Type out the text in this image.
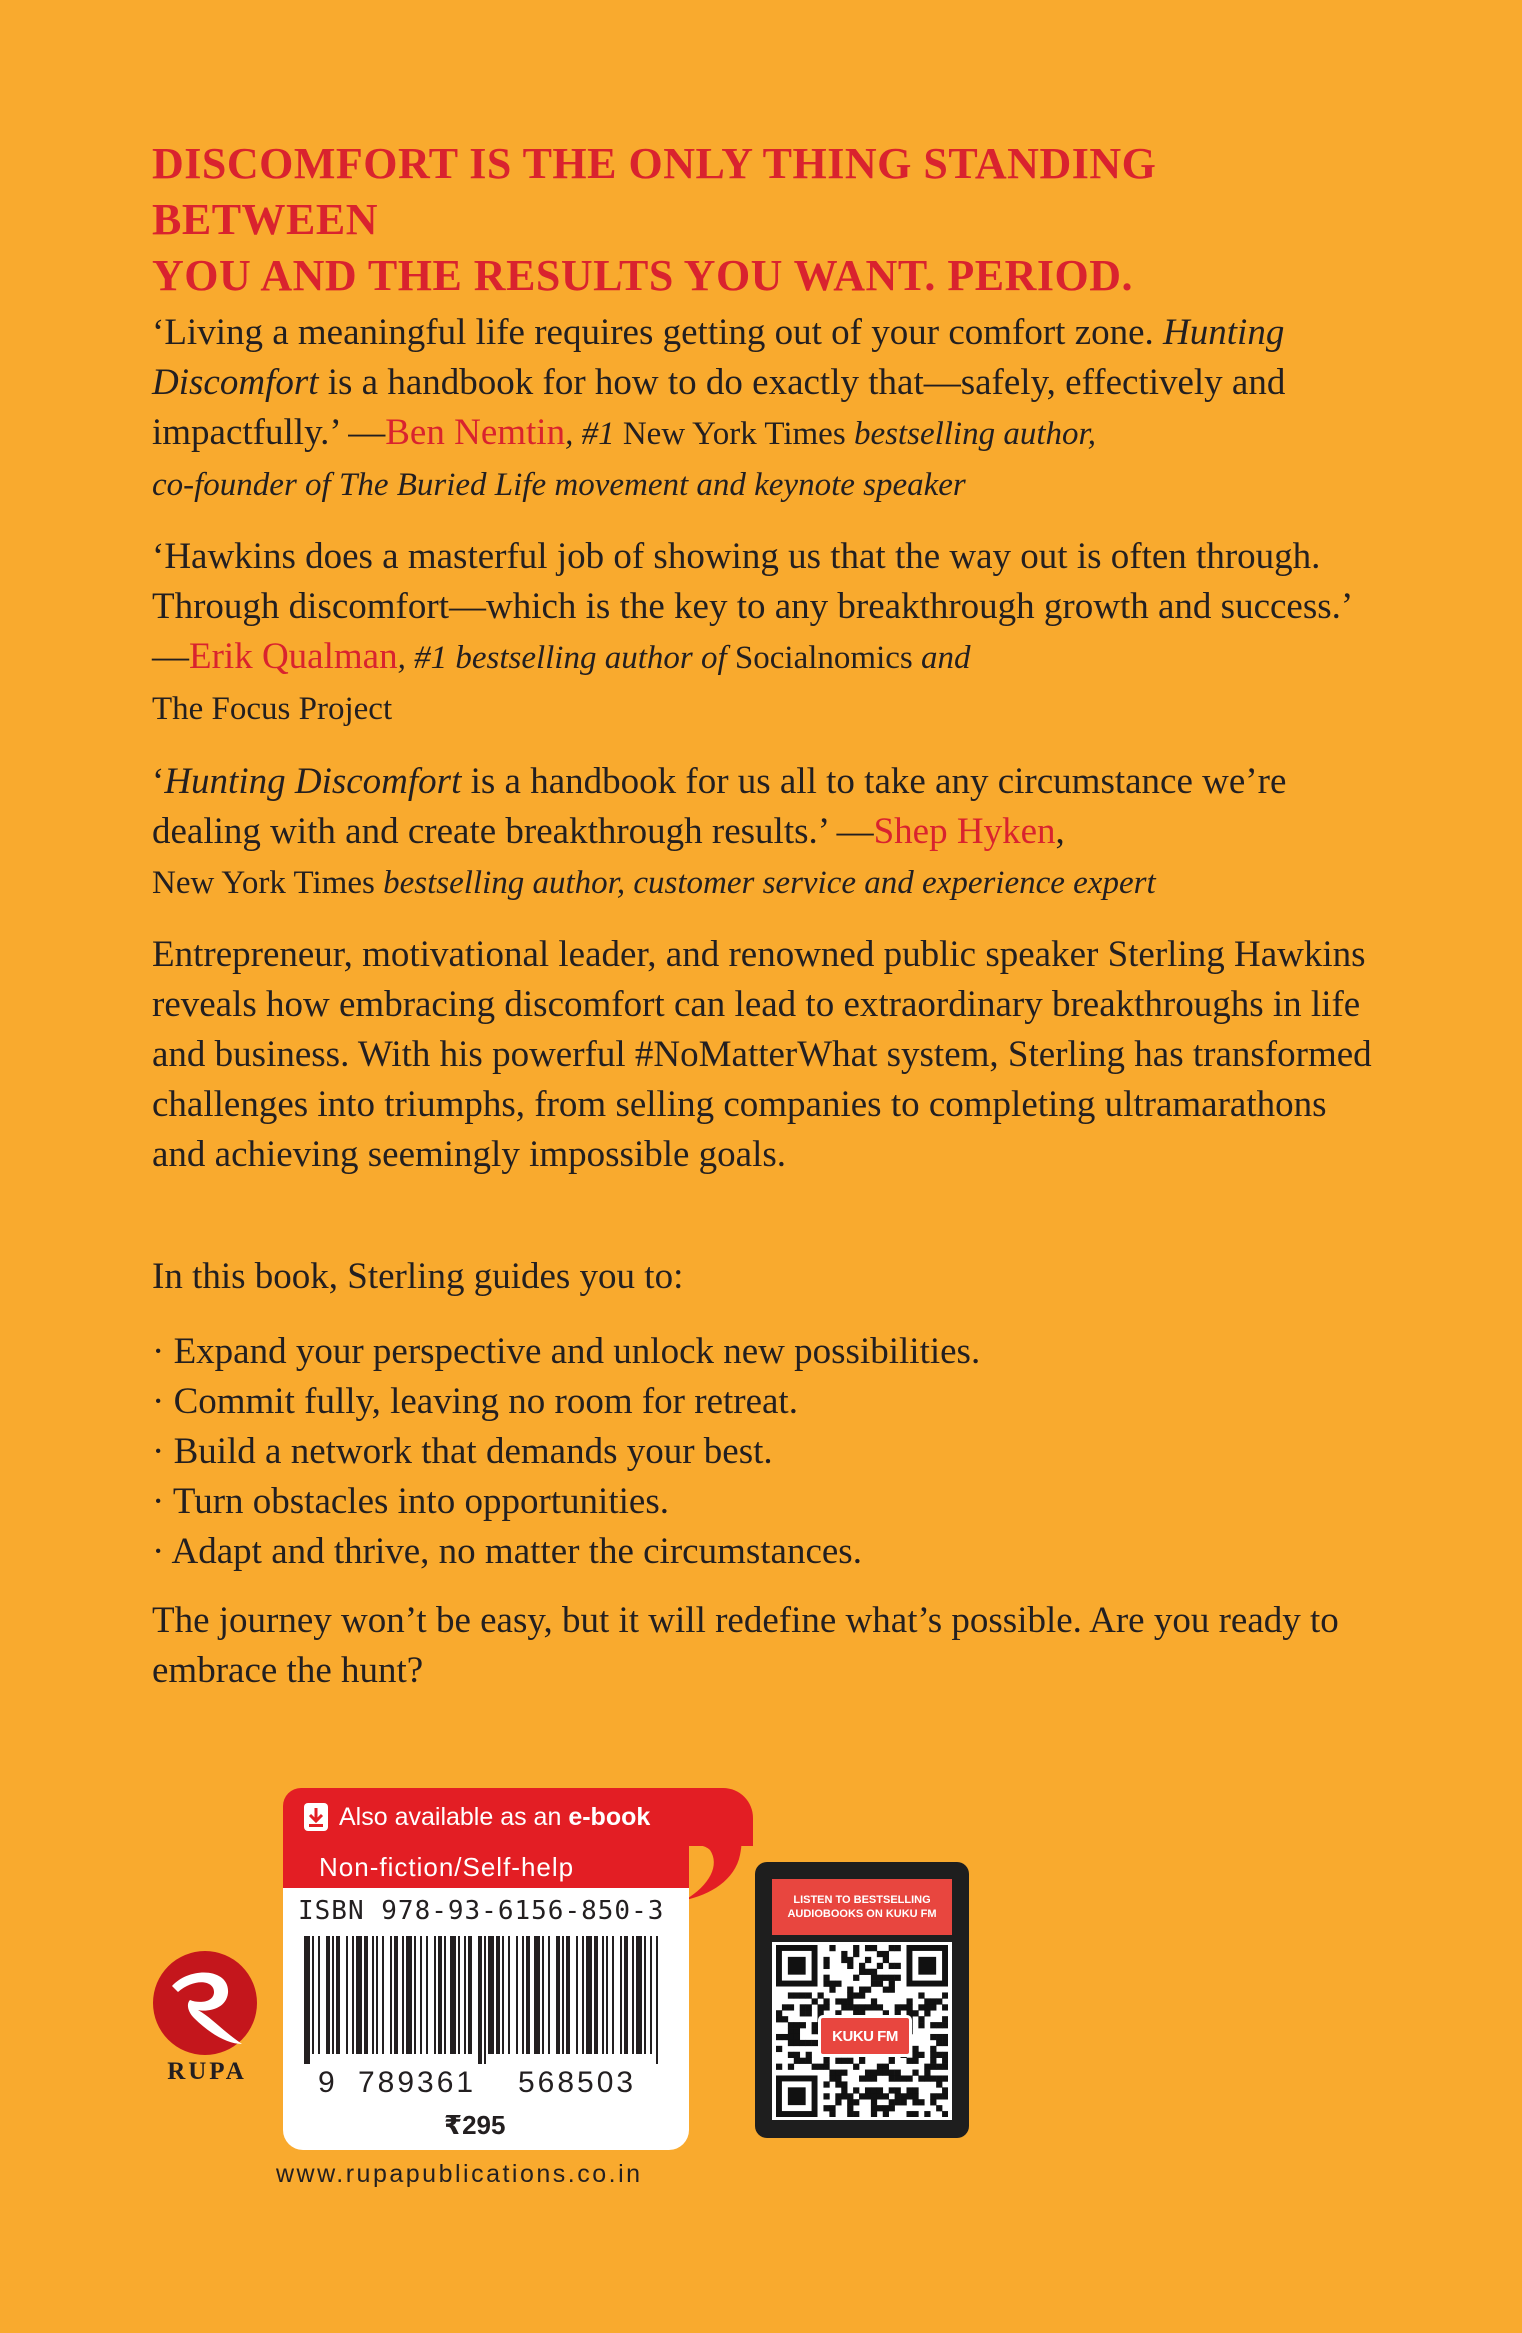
DISCOMFORT IS THE ONLY THING STANDING BETWEEN
YOU AND THE RESULTS YOU WANT. PERIOD.
‘Living a meaningful life requires getting out of your comfort zone. Hunting
Discomfort is a handbook for how to do exactly that—safely, effectively and impactfully.’ —Ben Nemtin, #1 New York Times bestselling author,
co-founder of The Buried Life movement and keynote speaker
‘Hawkins does a masterful job of showing us that the way out is often through. Through discomfort—which is the key to any breakthrough growth and success.’ —Erik Qualman, #1 bestselling author of Socialnomics and
The Focus Project
‘Hunting Discomfort is a handbook for us all to take any circumstance we’re dealing with and create breakthrough results.’ —Shep Hyken,
New York Times bestselling author, customer service and experience expert
Entrepreneur, motivational leader, and renowned public speaker Sterling Hawkins reveals how embracing discomfort can lead to extraordinary breakthroughs in life and business. With his powerful #NoMatterWhat system, Sterling has transformed challenges into triumphs, from selling companies to completing ultramarathons and achieving seemingly impossible goals.
In this book, Sterling guides you to:
· Expand your perspective and unlock new possibilities.
· Commit fully, leaving no room for retreat.
· Build a network that demands your best.
· Turn obstacles into opportunities.
· Adapt and thrive, no matter the circumstances.
The journey won’t be easy, but it will redefine what’s possible. Are you ready to embrace the hunt?
RUPA
Also available as an e-book
Non-fiction/Self-help
ISBN 978-93-6156-850-3
9 789361 568503
₹295
www.rupapublications.co.in
LISTEN TO BESTSELLING AUDIOBOOKS ON KUKU FM
KUKU FM
